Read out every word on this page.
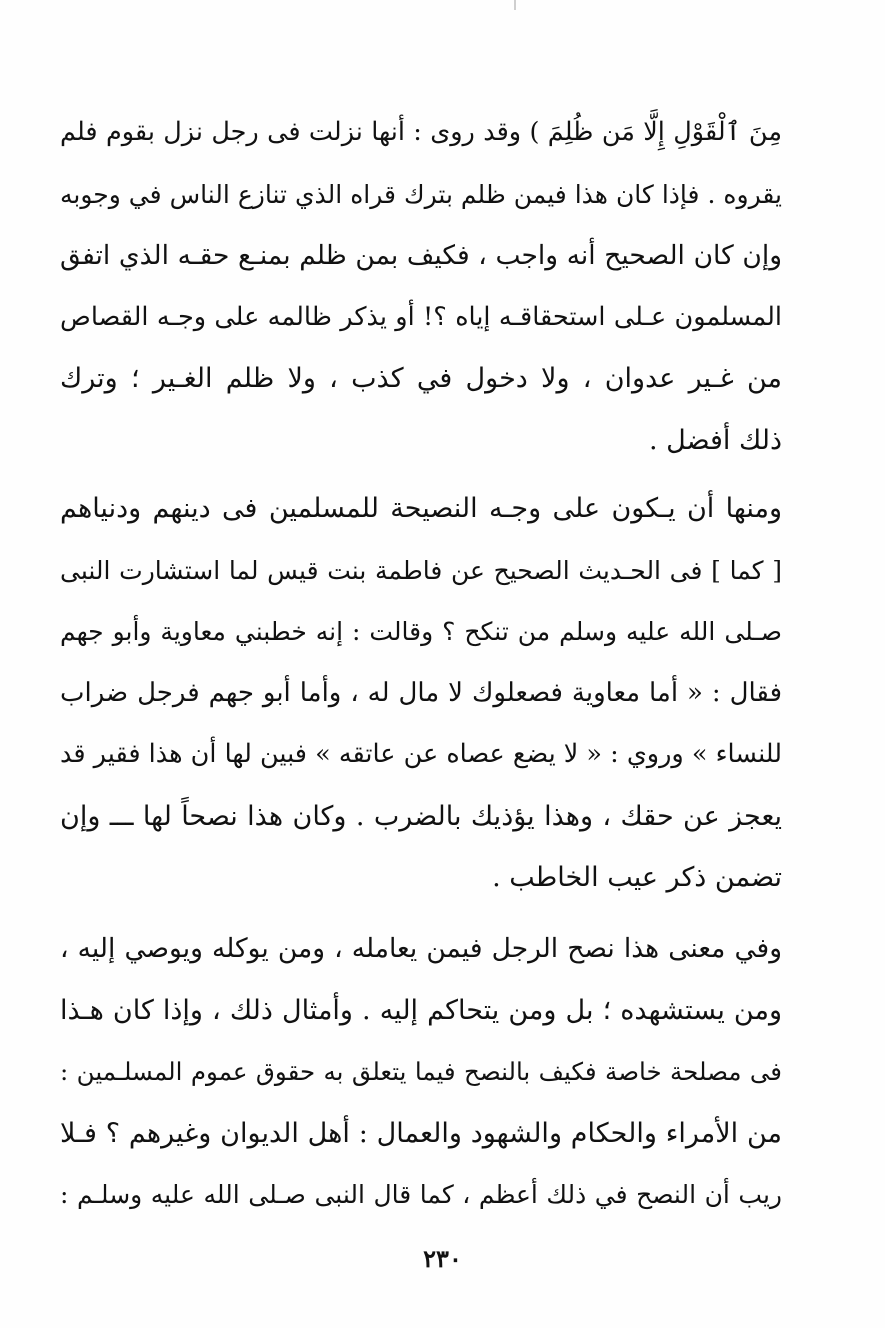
مِنَ ٱلْقَوْلِ إِلَّا مَن ظُلِمَ ) وقد روى : أنها نزلت فى رجل نزل بقوم فلم
يقروه . فإذا كان هذا فيمن ظلم بترك قراه الذي تنازع الناس في وجوبه
وإن كان الصحيح أنه واجب ، فكيف بمن ظلم بمنـع حقـه الذي اتفق
المسلمون عـلى استحقاقـه إياه ؟! أو يذكر ظالمه على وجـه القصاص
من غـير عدوان ، ولا دخول في كذب ، ولا ظلم الغـير ؛ وترك
ذلك أفضل .
ومنها أن يـكون على وجـه النصيحة للمسلمين فى دينهم ودنياهم
[ كما ] فى الحـديث الصحيح عن فاطمة بنت قيس لما استشارت النبى
صـلى الله عليه وسلم من تنكح ؟ وقالت : إنه خطبني معاوية وأبو جهم
فقال : « أما معاوية فصعلوك لا مال له ، وأما أبو جهم فرجل ضراب
للنساء » وروي : « لا يضع عصاه عن عاتقه » فبين لها أن هذا فقير قد
يعجز عن حقك ، وهذا يؤذيك بالضرب . وكان هذا نصحاً لها ـــ وإن
تضمن ذكر عيب الخاطب .
وفي معنى هذا نصح الرجل فيمن يعامله ، ومن يوكله ويوصي إليه ،
ومن يستشهده ؛ بل ومن يتحاكم إليه . وأمثال ذلك ، وإذا كان هـذا
فى مصلحة خاصة فكيف بالنصح فيما يتعلق به حقوق عموم المسلـمين :
من الأمراء والحكام والشهود والعمال : أهل الديوان وغيرهم ؟ فـلا
ريب أن النصح في ذلك أعظم ، كما قال النبى صـلى الله عليه وسلـم :
٢٣٠
